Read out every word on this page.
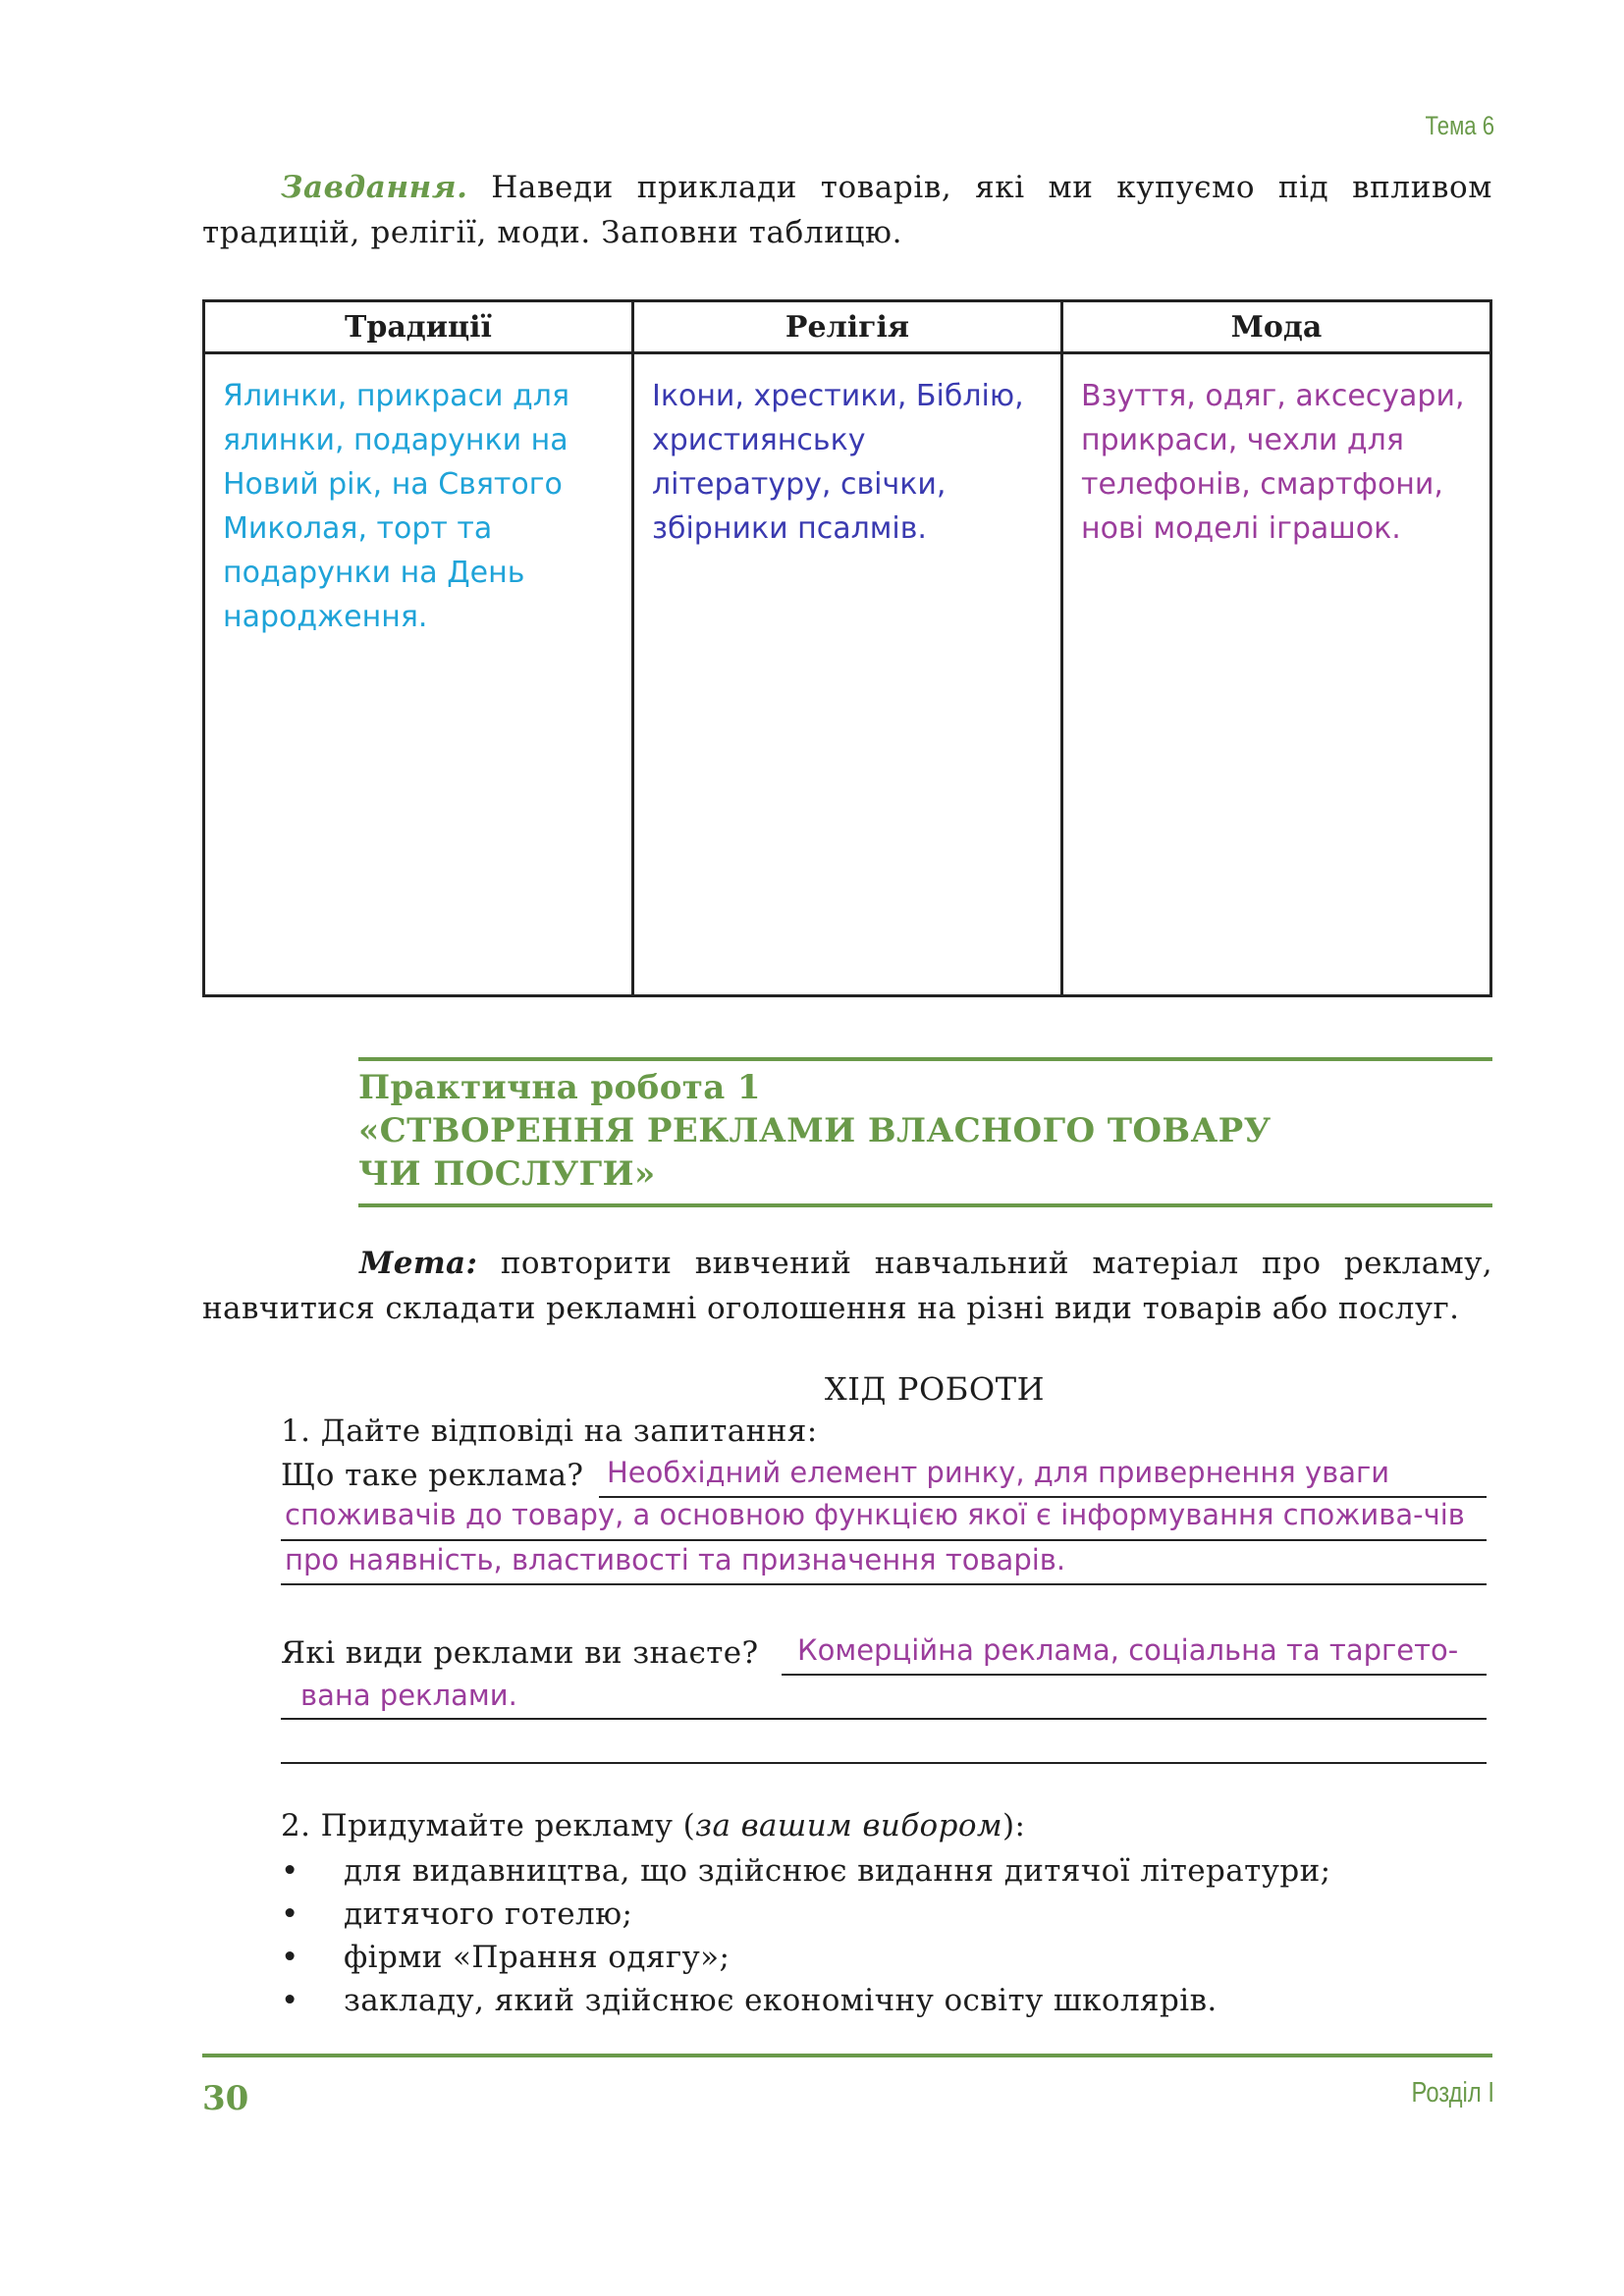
Тема 6
Завдання. Наведи приклади товарів, які ми купуємо під впливом традицій, релігії, моди. Заповни таблицю.
Традиції	Релігія	Мода
Ялинки, прикраси для ялинки, подарунки на Новий рік, на Святого Миколая, торт та подарунки на День народження.	Ікони, хрестики, Біблію, християнську літературу, свічки, збірники псалмів.	Взуття, одяг, аксесуари, прикраси, чехли для телефонів, смартфони, нові моделі іграшок.
Практична робота 1
«СТВОРЕННЯ РЕКЛАМИ ВЛАСНОГО ТОВАРУ
ЧИ ПОСЛУГИ»
Мета: повторити вивчений навчальний матеріал про рекламу, навчитися складати рекламні оголошення на різні види товарів або послуг.
ХІД РОБОТИ
1. Дайте відповіді на запитання:
Що таке реклама? Необхідний елемент ринку, для привернення уваги
споживачів до товару, а основною функцією якої є інформування спожива-чів
про наявність, властивості та призначення товарів.
Які види реклами ви знаєте? Комерційна реклама, соціальна та таргето-
вана реклами.
2. Придумайте рекламу (за вашим вибором):
• для видавництва, що здійснює видання дитячої літератури;
• дитячого готелю;
• фірми «Прання одягу»;
• закладу, який здійснює економічну освіту школярів.
30	Розділ І
